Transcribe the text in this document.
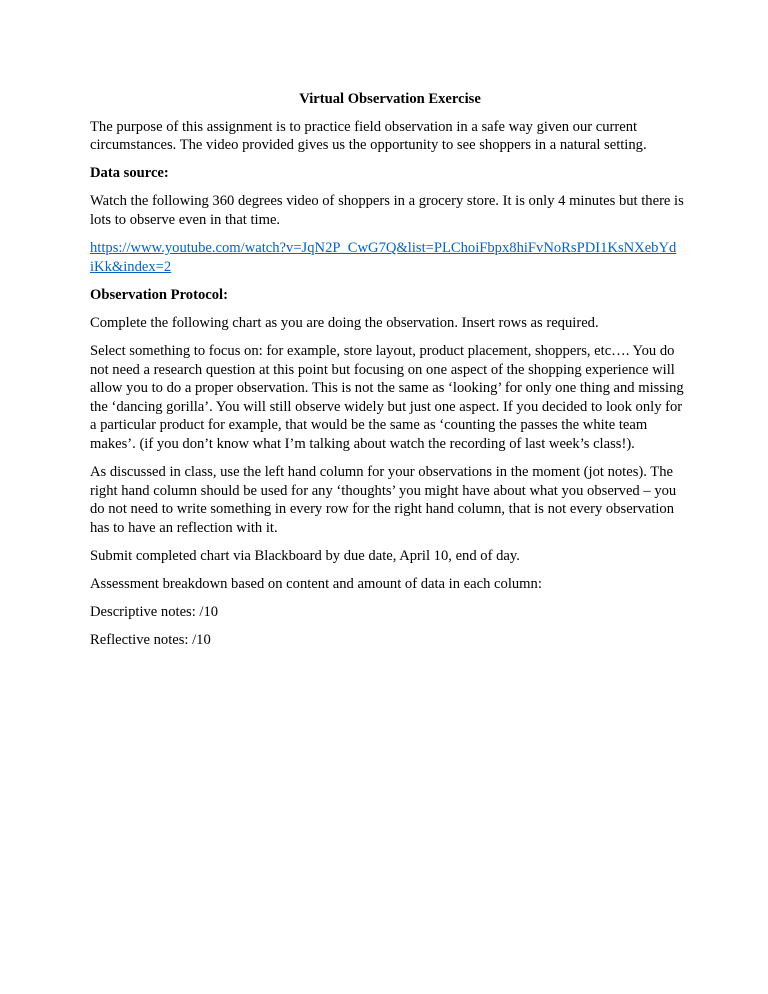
Virtual Observation Exercise

The purpose of this assignment is to practice field observation in a safe way given our current circumstances. The video provided gives us the opportunity to see shoppers in a natural setting.

Data source:

Watch the following 360 degrees video of shoppers in a grocery store. It is only 4 minutes but there is lots to observe even in that time.

https://www.youtube.com/watch?v=JqN2P_CwG7Q&list=PLChoiFbpx8hiFvNoRsPDI1KsNXebYdiKk&index=2

Observation Protocol:

Complete the following chart as you are doing the observation. Insert rows as required.

Select something to focus on: for example, store layout, product placement, shoppers, etc…. You do not need a research question at this point but focusing on one aspect of the shopping experience will allow you to do a proper observation. This is not the same as ‘looking’ for only one thing and missing the ‘dancing gorilla’. You will still observe widely but just one aspect. If you decided to look only for a particular product for example, that would be the same as ‘counting the passes the white team makes’. (if you don’t know what I’m talking about watch the recording of last week’s class!).

As discussed in class, use the left hand column for your observations in the moment (jot notes). The right hand column should be used for any ‘thoughts’ you might have about what you observed – you do not need to write something in every row for the right hand column, that is not every observation has to have an reflection with it.

Submit completed chart via Blackboard by due date, April 10, end of day.

Assessment breakdown based on content and amount of data in each column:

Descriptive notes: /10

Reflective notes: /10
